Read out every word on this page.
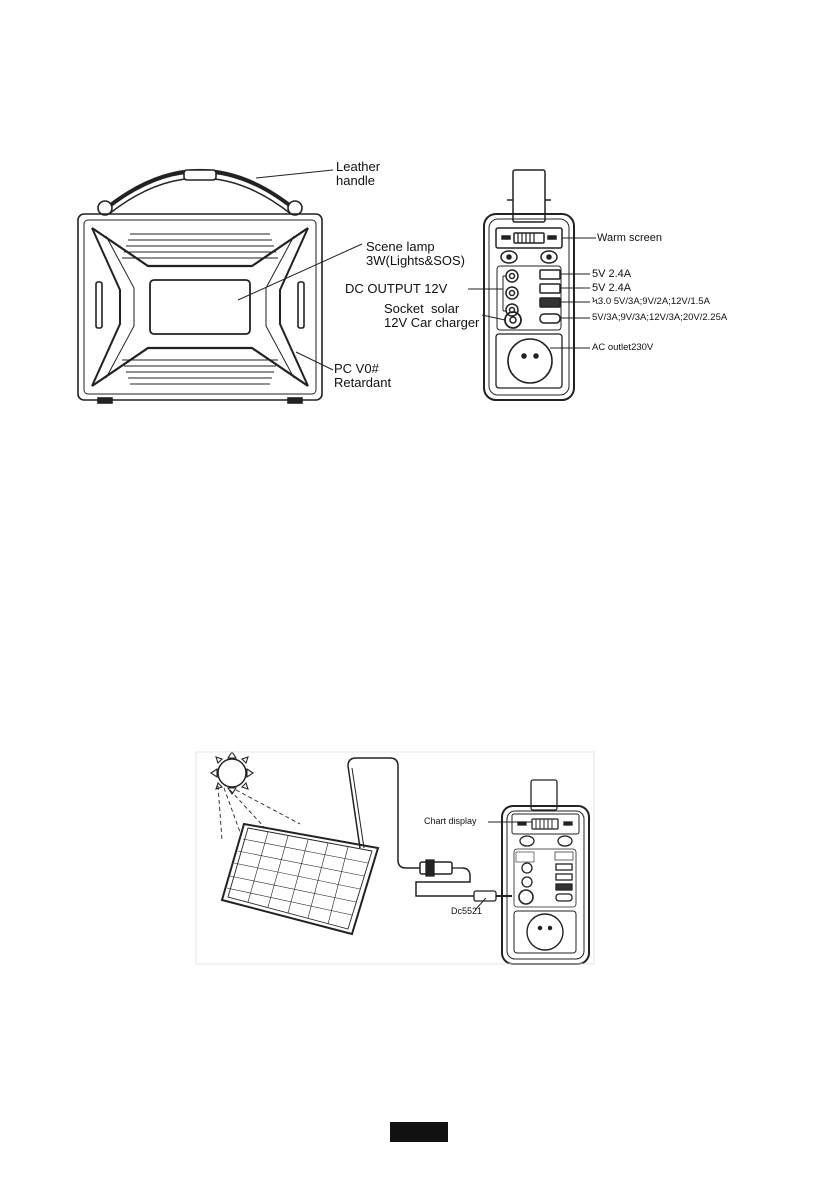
Leather
handle
Scene lamp
3W(Lights&SOS)
PC V0#
Retardant
DC OUTPUT 12V
Socket  solar
12V Car charger
Warm screen
5V 2.4A
5V 2.4A
Ϟ3.0 5V/3A;9V/2A;12V/1.5A
5V/3A;9V/3A;12V/3A;20V/2.25A
AC outlet230V
Chart display
Dc5521
